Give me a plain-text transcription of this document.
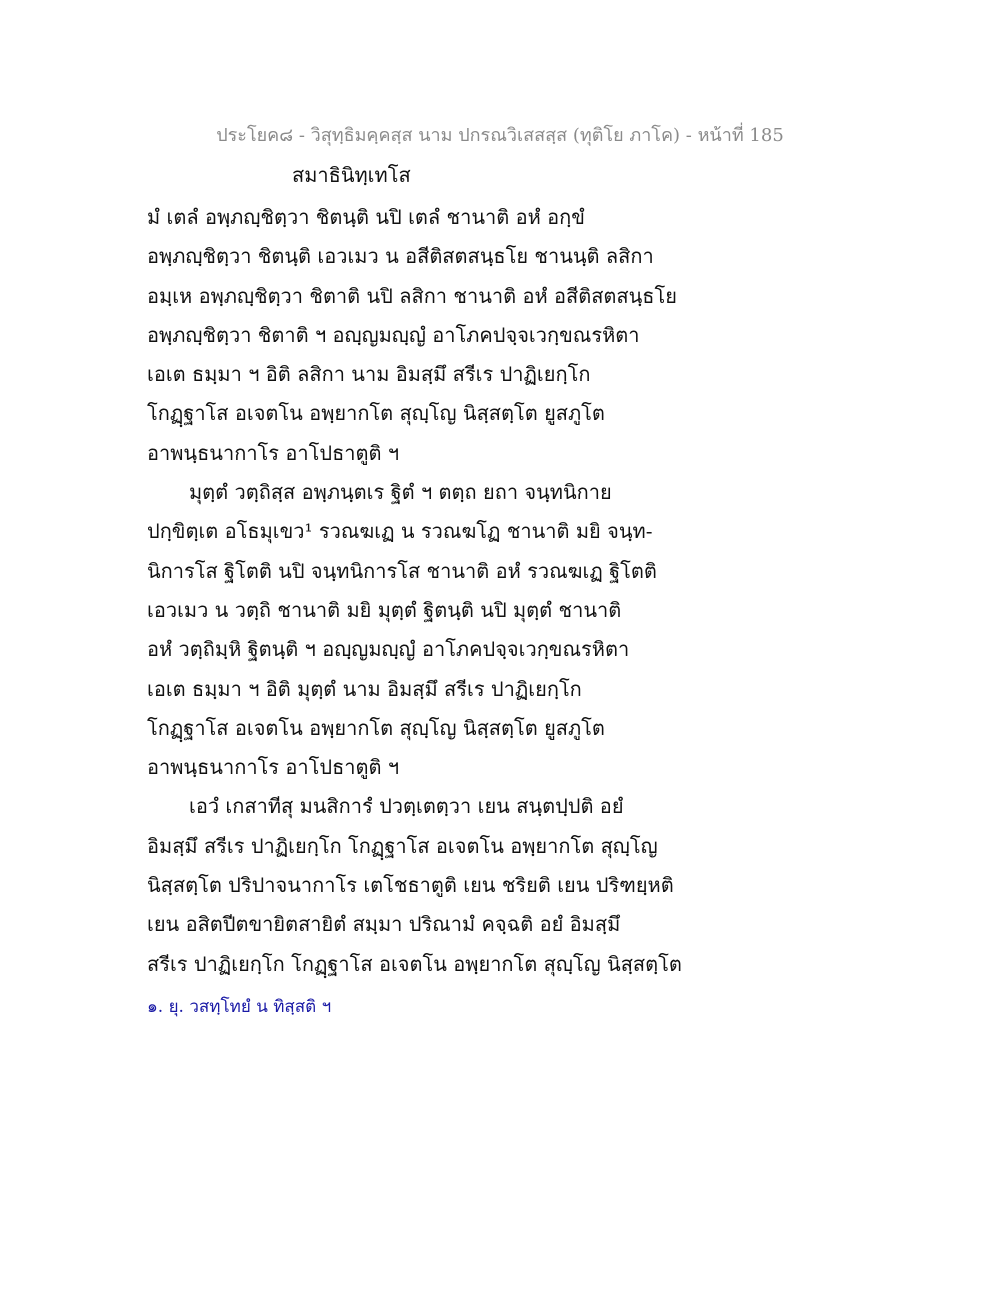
ประโยค๘ - วิสุทฺธิมคฺคสฺส นาม ปกรณวิเสสสฺส (ทุติโย ภาโค) - หน้าที่ 185
สมาธินิทฺเทโส
มํ เตลํ อพฺภญฺชิตฺวา ชิตนฺติ นปิ เตลํ ชานาติ อหํ อกฺขํ
อพฺภญฺชิตฺวา ชิตนฺติ เอวเมว น อสีติสตสนฺธโย ชานนฺติ ลสิกา
อมฺเห อพฺภญฺชิตฺวา ชิตาติ นปิ ลสิกา ชานาติ อหํ อสีติสตสนฺธโย
อพฺภญฺชิตฺวา ชิตาติ ฯ อญฺญมญฺญํ อาโภคปจฺจเวกฺขณรหิตา
เอเต ธมฺมา ฯ อิติ ลสิกา นาม อิมสฺมึ สรีเร ปาฏิเยกฺโก
โกฏฺฐาโส อเจตโน อพฺยากโต สุญฺโญ นิสฺสตฺโต ยูสภูโต
อาพนฺธนากาโร อาโปธาตูติ ฯ
มุตฺตํ วตฺถิสฺส อพฺภนฺตเร ฐิตํ ฯ ตตฺถ ยถา จนฺทนิกาย
ปกฺขิตฺเต อโธมุเขว¹ รวณฆเฏ น รวณฆโฏ ชานาติ มยิ จนฺท-
นิการโส ฐิโตติ นปิ จนฺทนิการโส ชานาติ อหํ รวณฆเฏ ฐิโตติ
เอวเมว น วตฺถิ ชานาติ มยิ มุตฺตํ ฐิตนฺติ นปิ มุตฺตํ ชานาติ
อหํ วตฺถิมฺหิ ฐิตนฺติ ฯ อญฺญมญฺญํ อาโภคปจฺจเวกฺขณรหิตา
เอเต ธมฺมา ฯ อิติ มุตฺตํ นาม อิมสฺมึ สรีเร ปาฏิเยกฺโก
โกฏฺฐาโส อเจตโน อพฺยากโต สุญฺโญ นิสฺสตฺโต ยูสภูโต
อาพนฺธนากาโร อาโปธาตูติ ฯ
เอวํ เกสาทีสุ มนสิการํ ปวตฺเตตฺวา เยน สนฺตปฺปติ อยํ
อิมสฺมึ สรีเร ปาฏิเยกฺโก โกฏฺฐาโส อเจตโน อพฺยากโต สุญฺโญ
นิสฺสตฺโต ปริปาจนากาโร เตโชธาตูติ เยน ชริยติ เยน ปริฑยฺหติ
เยน อสิตปีตขายิตสายิตํ สมฺมา ปริณามํ คจฺฉติ อยํ อิมสฺมึ
สรีเร ปาฏิเยกฺโก โกฏฺฐาโส อเจตโน อพฺยากโต สุญฺโญ นิสฺสตฺโต
๑. ยุ. วสทฺโทยํ น ทิสฺสติ ฯ
